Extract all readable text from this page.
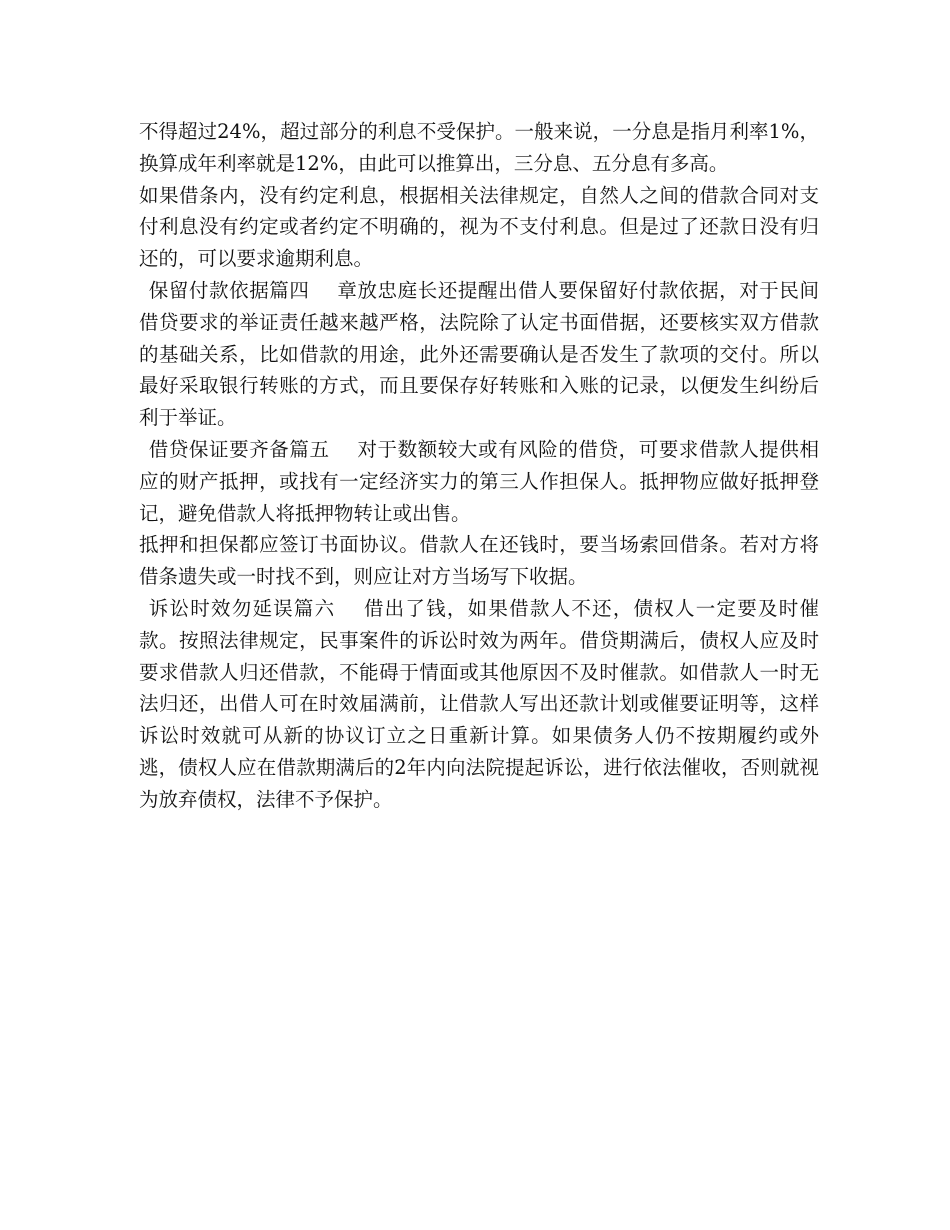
不得超过24%，超过部分的利息不受保护。一般来说，一分息是指月利率1%，换算成年利率就是12%，由此可以推算出，三分息、五分息有多高。

如果借条内，没有约定利息，根据相关法律规定，自然人之间的借款合同对支付利息没有约定或者约定不明确的，视为不支付利息。但是过了还款日没有归还的，可以要求逾期利息。

保留付款依据篇四 章放忠庭长还提醒出借人要保留好付款依据，对于民间借贷要求的举证责任越来越严格，法院除了认定书面借据，还要核实双方借款的基础关系，比如借款的用途，此外还需要确认是否发生了款项的交付。所以最好采取银行转账的方式，而且要保存好转账和入账的记录，以便发生纠纷后利于举证。

借贷保证要齐备篇五 对于数额较大或有风险的借贷，可要求借款人提供相应的财产抵押，或找有一定经济实力的第三人作担保人。抵押物应做好抵押登记，避免借款人将抵押物转让或出售。

抵押和担保都应签订书面协议。借款人在还钱时，要当场索回借条。若对方将借条遗失或一时找不到，则应让对方当场写下收据。

诉讼时效勿延误篇六 借出了钱，如果借款人不还，债权人一定要及时催款。按照法律规定，民事案件的诉讼时效为两年。借贷期满后，债权人应及时要求借款人归还借款，不能碍于情面或其他原因不及时催款。如借款人一时无法归还，出借人可在时效届满前，让借款人写出还款计划或催要证明等，这样诉讼时效就可从新的协议订立之日重新计算。如果债务人仍不按期履约或外逃，债权人应在借款期满后的2年内向法院提起诉讼，进行依法催收，否则就视为放弃债权，法律不予保护。
